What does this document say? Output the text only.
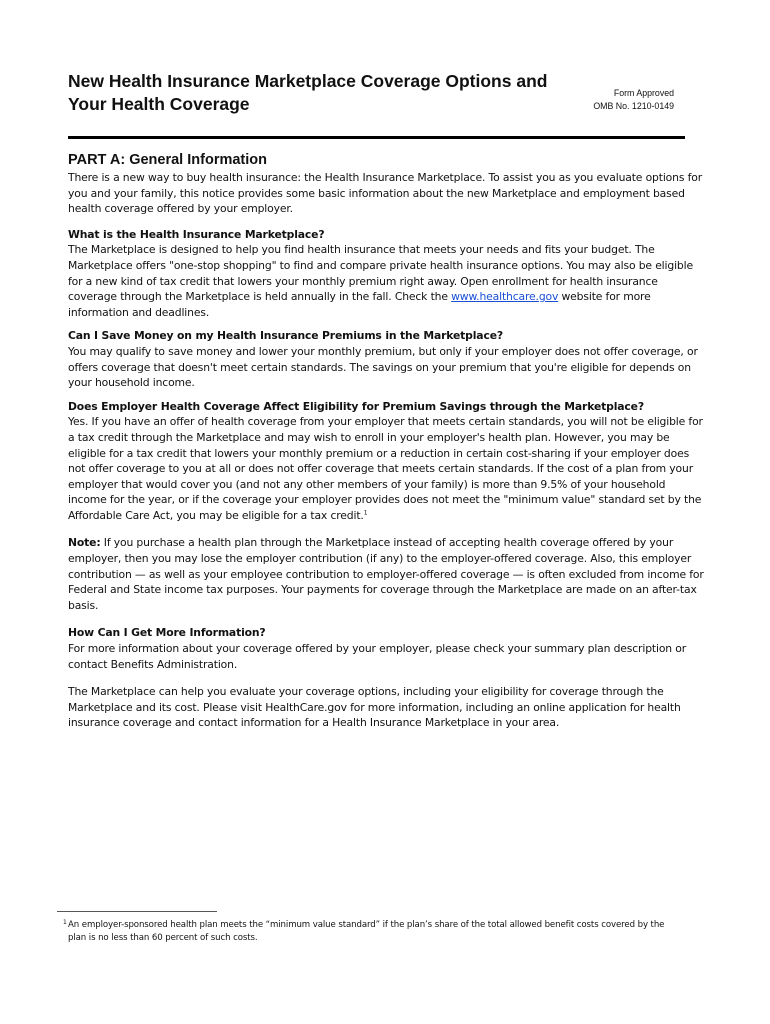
New Health Insurance Marketplace Coverage Options and Your Health Coverage
Form Approved
OMB No. 1210-0149
PART A: General Information

There is a new way to buy health insurance: the Health Insurance Marketplace. To assist you as you evaluate options for you and your family, this notice provides some basic information about the new Marketplace and employment based health coverage offered by your employer.

What is the Health Insurance Marketplace?

The Marketplace is designed to help you find health insurance that meets your needs and fits your budget. The Marketplace offers "one-stop shopping" to find and compare private health insurance options. You may also be eligible for a new kind of tax credit that lowers your monthly premium right away. Open enrollment for health insurance coverage through the Marketplace is held annually in the fall. Check the www.healthcare.gov website for more information and deadlines.

Can I Save Money on my Health Insurance Premiums in the Marketplace?

You may qualify to save money and lower your monthly premium, but only if your employer does not offer coverage, or offers coverage that doesn't meet certain standards. The savings on your premium that you're eligible for depends on your household income.

Does Employer Health Coverage Affect Eligibility for Premium Savings through the Marketplace?

Yes. If you have an offer of health coverage from your employer that meets certain standards, you will not be eligible for a tax credit through the Marketplace and may wish to enroll in your employer's health plan. However, you may be eligible for a tax credit that lowers your monthly premium or a reduction in certain cost-sharing if your employer does not offer coverage to you at all or does not offer coverage that meets certain standards. If the cost of a plan from your employer that would cover you (and not any other members of your family) is more than 9.5% of your household income for the year, or if the coverage your employer provides does not meet the "minimum value" standard set by the Affordable Care Act, you may be eligible for a tax credit.$^1$

Note: If you purchase a health plan through the Marketplace instead of accepting health coverage offered by your employer, then you may lose the employer contribution (if any) to the employer-offered coverage. Also, this employer contribution — as well as your employee contribution to employer-offered coverage — is often excluded from income for Federal and State income tax purposes. Your payments for coverage through the Marketplace are made on an after-tax basis.

How Can I Get More Information?

For more information about your coverage offered by your employer, please check your summary plan description or contact Benefits Administration.

The Marketplace can help you evaluate your coverage options, including your eligibility for coverage through the Marketplace and its cost. Please visit HealthCare.gov for more information, including an online application for health insurance coverage and contact information for a Health Insurance Marketplace in your area.

1 An employer-sponsored health plan meets the “minimum value standard” if the plan’s share of the total allowed benefit costs covered by the plan is no less than 60 percent of such costs.
